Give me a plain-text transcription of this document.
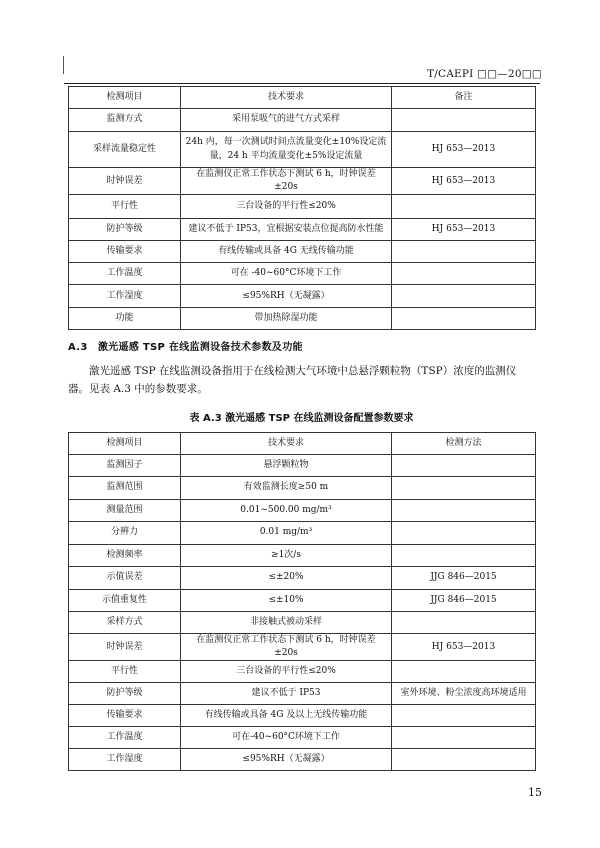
T/CAEPI □□—20□□
检测项目	技术要求	备注
监测方式	采用泵吸气的进气方式采样	
采样流量稳定性	24h 内，每一次测试时间点流量变化±10%设定流量，24 h 平均流量变化±5%设定流量	HJ 653—2013
时钟误差	在监测仪正常工作状态下测试 6 h，时钟误差±20s	HJ 653—2013
平行性	三台设备的平行性≤20%	
防护等级	建议不低于 IP53，宜根据安装点位提高防水性能	HJ 653—2013
传输要求	有线传输或具备 4G 无线传输功能	
工作温度	可在 -40~60°C环境下工作	
工作湿度	≤95%RH（无凝露）	
功能	带加热除湿功能	
A.3　激光遥感 TSP 在线监测设备技术参数及功能
激光遥感 TSP 在线监测设备指用于在线检测大气环境中总悬浮颗粒物（TSP）浓度的监测仪器。见表 A.3 中的参数要求。
表 A.3 激光遥感 TSP 在线监测设备配置参数要求
检测项目	技术要求	检测方法
监测因子	悬浮颗粒物	
监测范围	有效监测长度≥50 m	
测量范围	0.01~500.00 mg/m³	
分辨力	0.01 mg/m³	
检测频率	≥1次/s	
示值误差	≤±20%	JJG 846—2015
示值重复性	≤±10%	JJG 846—2015
采样方式	非接触式被动采样	
时钟误差	在监测仪正常工作状态下测试 6 h，时钟误差±20s	HJ 653—2013
平行性	三台设备的平行性≤20%	
防护等级	建议不低于 IP53	室外环境、粉尘浓度高环境适用
传输要求	有线传输或具备 4G 及以上无线传输功能	
工作温度	可在-40~60°C环境下工作	
工作湿度	≤95%RH（无凝露）	
15
